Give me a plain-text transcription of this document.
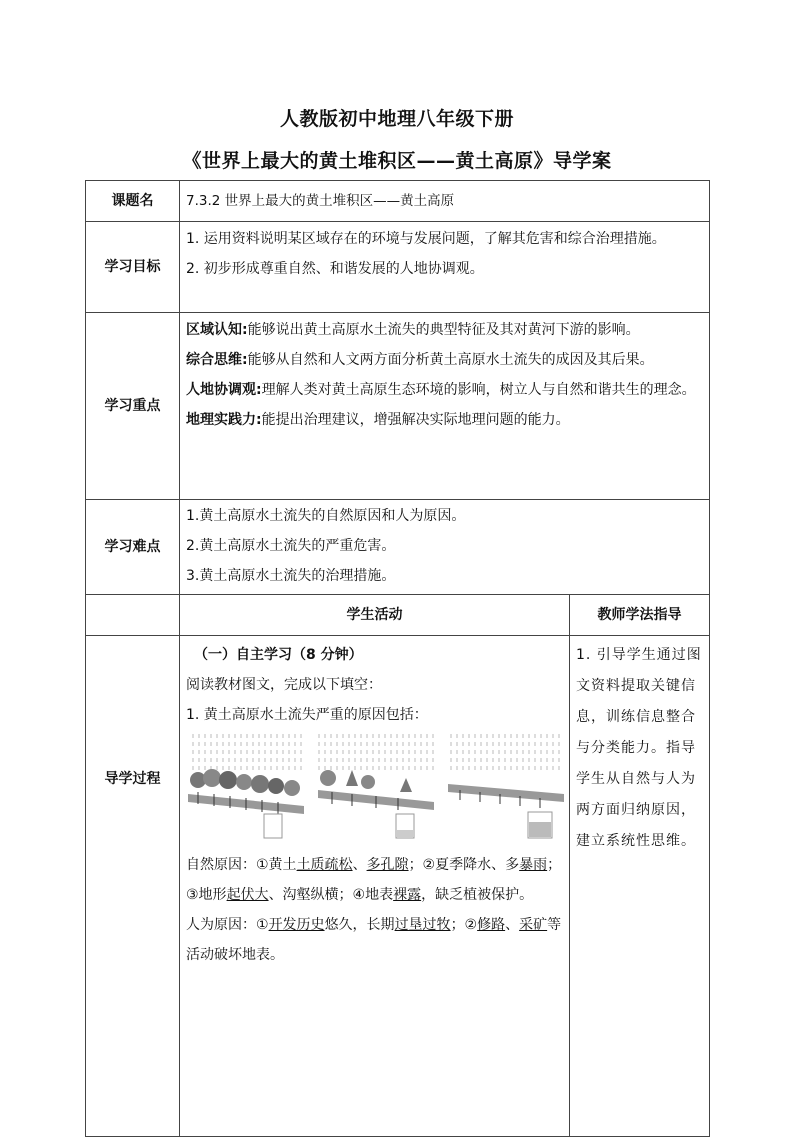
人教版初中地理八年级下册
《世界上最大的黄土堆积区——黄土高原》导学案
课题名	7.3.2 世界上最大的黄土堆积区——黄土高原	
学习目标	1. 运用资料说明某区域存在的环境与发展问题，了解其危害和综合治理措施。

2. 初步形成尊重自然、和谐发展的人地协调观。	

学习重点	区域认知:能够说出黄土高原水土流失的典型特征及其对黄河下游的影响。

综合思维:能够从自然和人文两方面分析黄土高原水土流失的成因及其后果。

人地协调观:理解人类对黄土高原生态环境的影响，树立人与自然和谐共生的理念。

地理实践力:能提出治理建议，增强解决实际地理问题的能力。	

学习难点	1.黄土高原水土流失的自然原因和人为原因。

2.黄土高原水土流失的严重危害。

3.黄土高原水土流失的治理措施。	

	学生活动	教师学法指导
导学过程	（一）自主学习（8 分钟）

阅读教材图文，完成以下填空：

1. 黄土高原水土流失严重的原因包括：

自然原因：①黄土土质疏松、多孔隙；②夏季降水、多暴雨；③地形起伏大、沟壑纵横；④地表裸露，缺乏植被保护。

人为原因：①开发历史悠久，长期过垦过牧；②修路、采矿等活动破坏地表。	1. 引导学生通过图文资料提取关键信息，训练信息整合与分类能力。指导学生从自然与人为两方面归纳原因，建立系统性思维。
